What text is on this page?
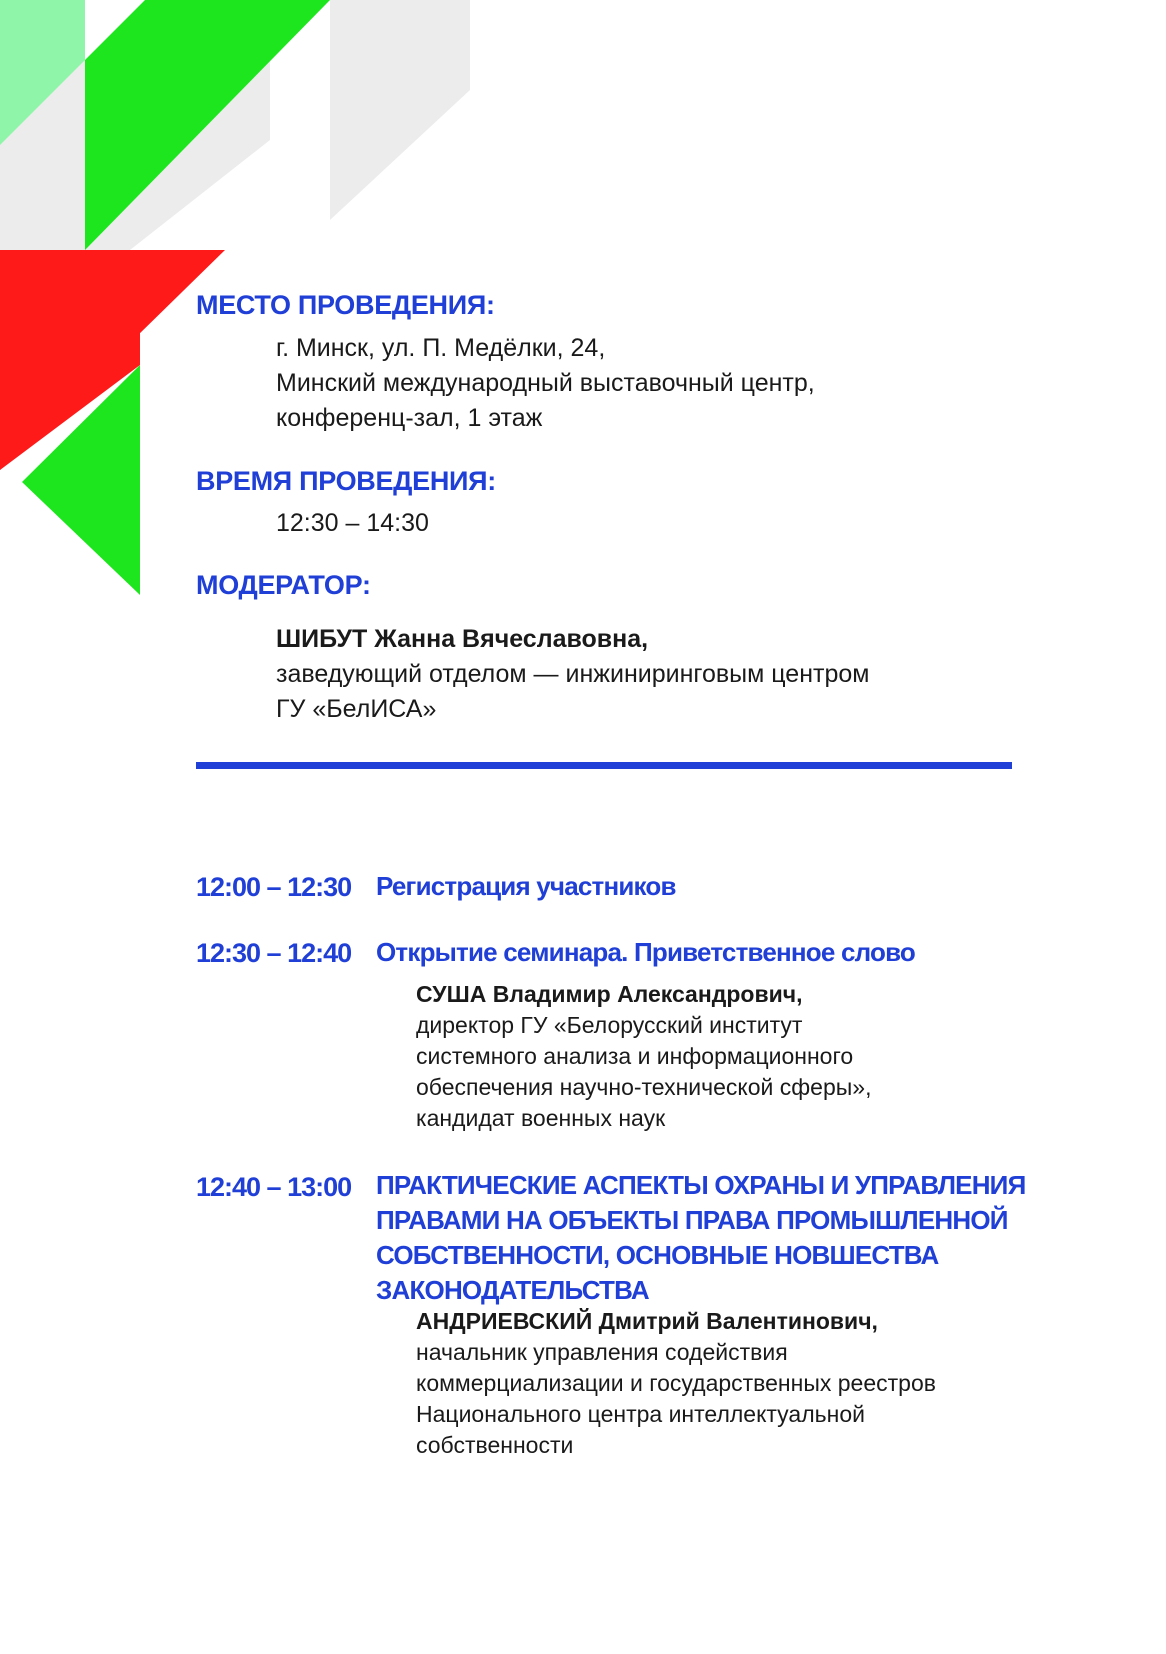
МЕСТО ПРОВЕДЕНИЯ:
г. Минск, ул. П. Медёлки, 24,
Минский международный выставочный центр,
конференц-зал, 1 этаж
ВРЕМЯ ПРОВЕДЕНИЯ:
12:30 – 14:30
МОДЕРАТОР:
ШИБУТ Жанна Вячеславовна,
заведующий отделом — инжиниринговым центром
ГУ «БелИСА»
12:00 – 12:30 Регистрация участников
12:30 – 12:40 Открытие семинара. Приветственное слово
СУША Владимир Александрович,
директор ГУ «Белорусский институт
системного анализа и информационного
обеспечения научно-технической сферы»,
кандидат военных наук
12:40 – 13:00 ПРАКТИЧЕСКИЕ АСПЕКТЫ ОХРАНЫ И УПРАВЛЕНИЯ
ПРАВАМИ НА ОБЪЕКТЫ ПРАВА ПРОМЫШЛЕННОЙ
СОБСТВЕННОСТИ, ОСНОВНЫЕ НОВШЕСТВА
ЗАКОНОДАТЕЛЬСТВА
АНДРИЕВСКИЙ Дмитрий Валентинович,
начальник управления содействия
коммерциализации и государственных реестров
Национального центра интеллектуальной
собственности
